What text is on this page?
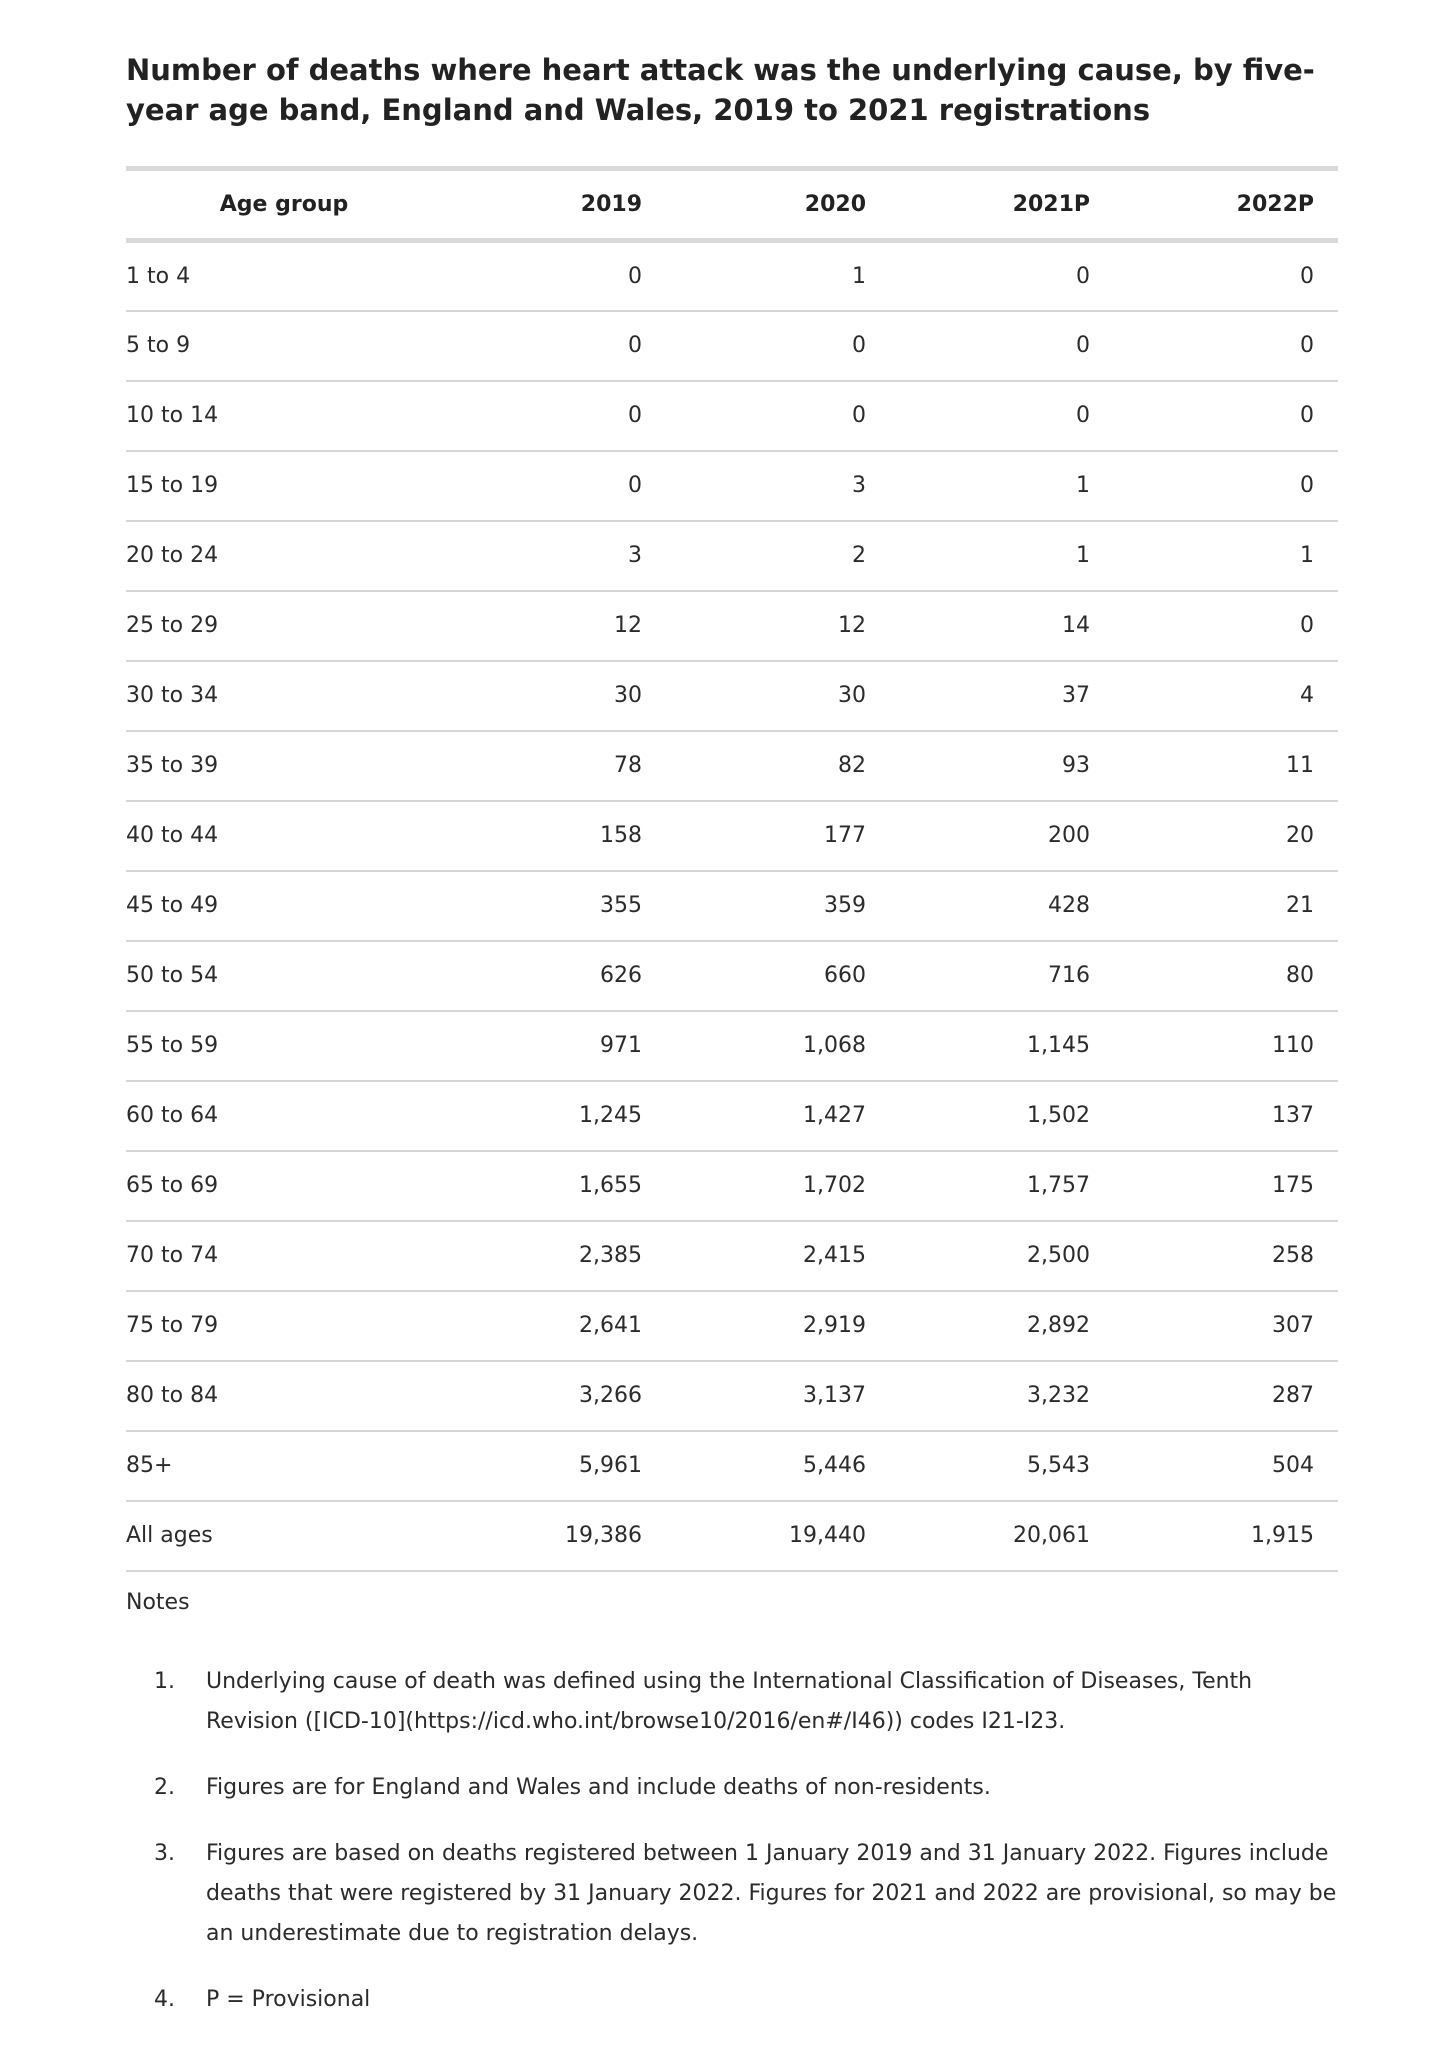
Number of deaths where heart attack was the underlying cause, by five-year age band, England and Wales, 2019 to 2021 registrations
Age group	2019	2020	2021P	2022P
1 to 4	0	1	0	0
5 to 9	0	0	0	0
10 to 14	0	0	0	0
15 to 19	0	3	1	0
20 to 24	3	2	1	1
25 to 29	12	12	14	0
30 to 34	30	30	37	4
35 to 39	78	82	93	11
40 to 44	158	177	200	20
45 to 49	355	359	428	21
50 to 54	626	660	716	80
55 to 59	971	1,068	1,145	110
60 to 64	1,245	1,427	1,502	137
65 to 69	1,655	1,702	1,757	175
70 to 74	2,385	2,415	2,500	258
75 to 79	2,641	2,919	2,892	307
80 to 84	3,266	3,137	3,232	287
85+	5,961	5,446	5,543	504
All ages	19,386	19,440	20,061	1,915
Notes
1. Underlying cause of death was defined using the International Classification of Diseases, Tenth Revision ([ICD-10](https://icd.who.int/browse10/2016/en#/I46)) codes I21-I23.
2. Figures are for England and Wales and include deaths of non-residents.
3. Figures are based on deaths registered between 1 January 2019 and 31 January 2022. Figures include deaths that were registered by 31 January 2022. Figures for 2021 and 2022 are provisional, so may be an underestimate due to registration delays.
4. P = Provisional
